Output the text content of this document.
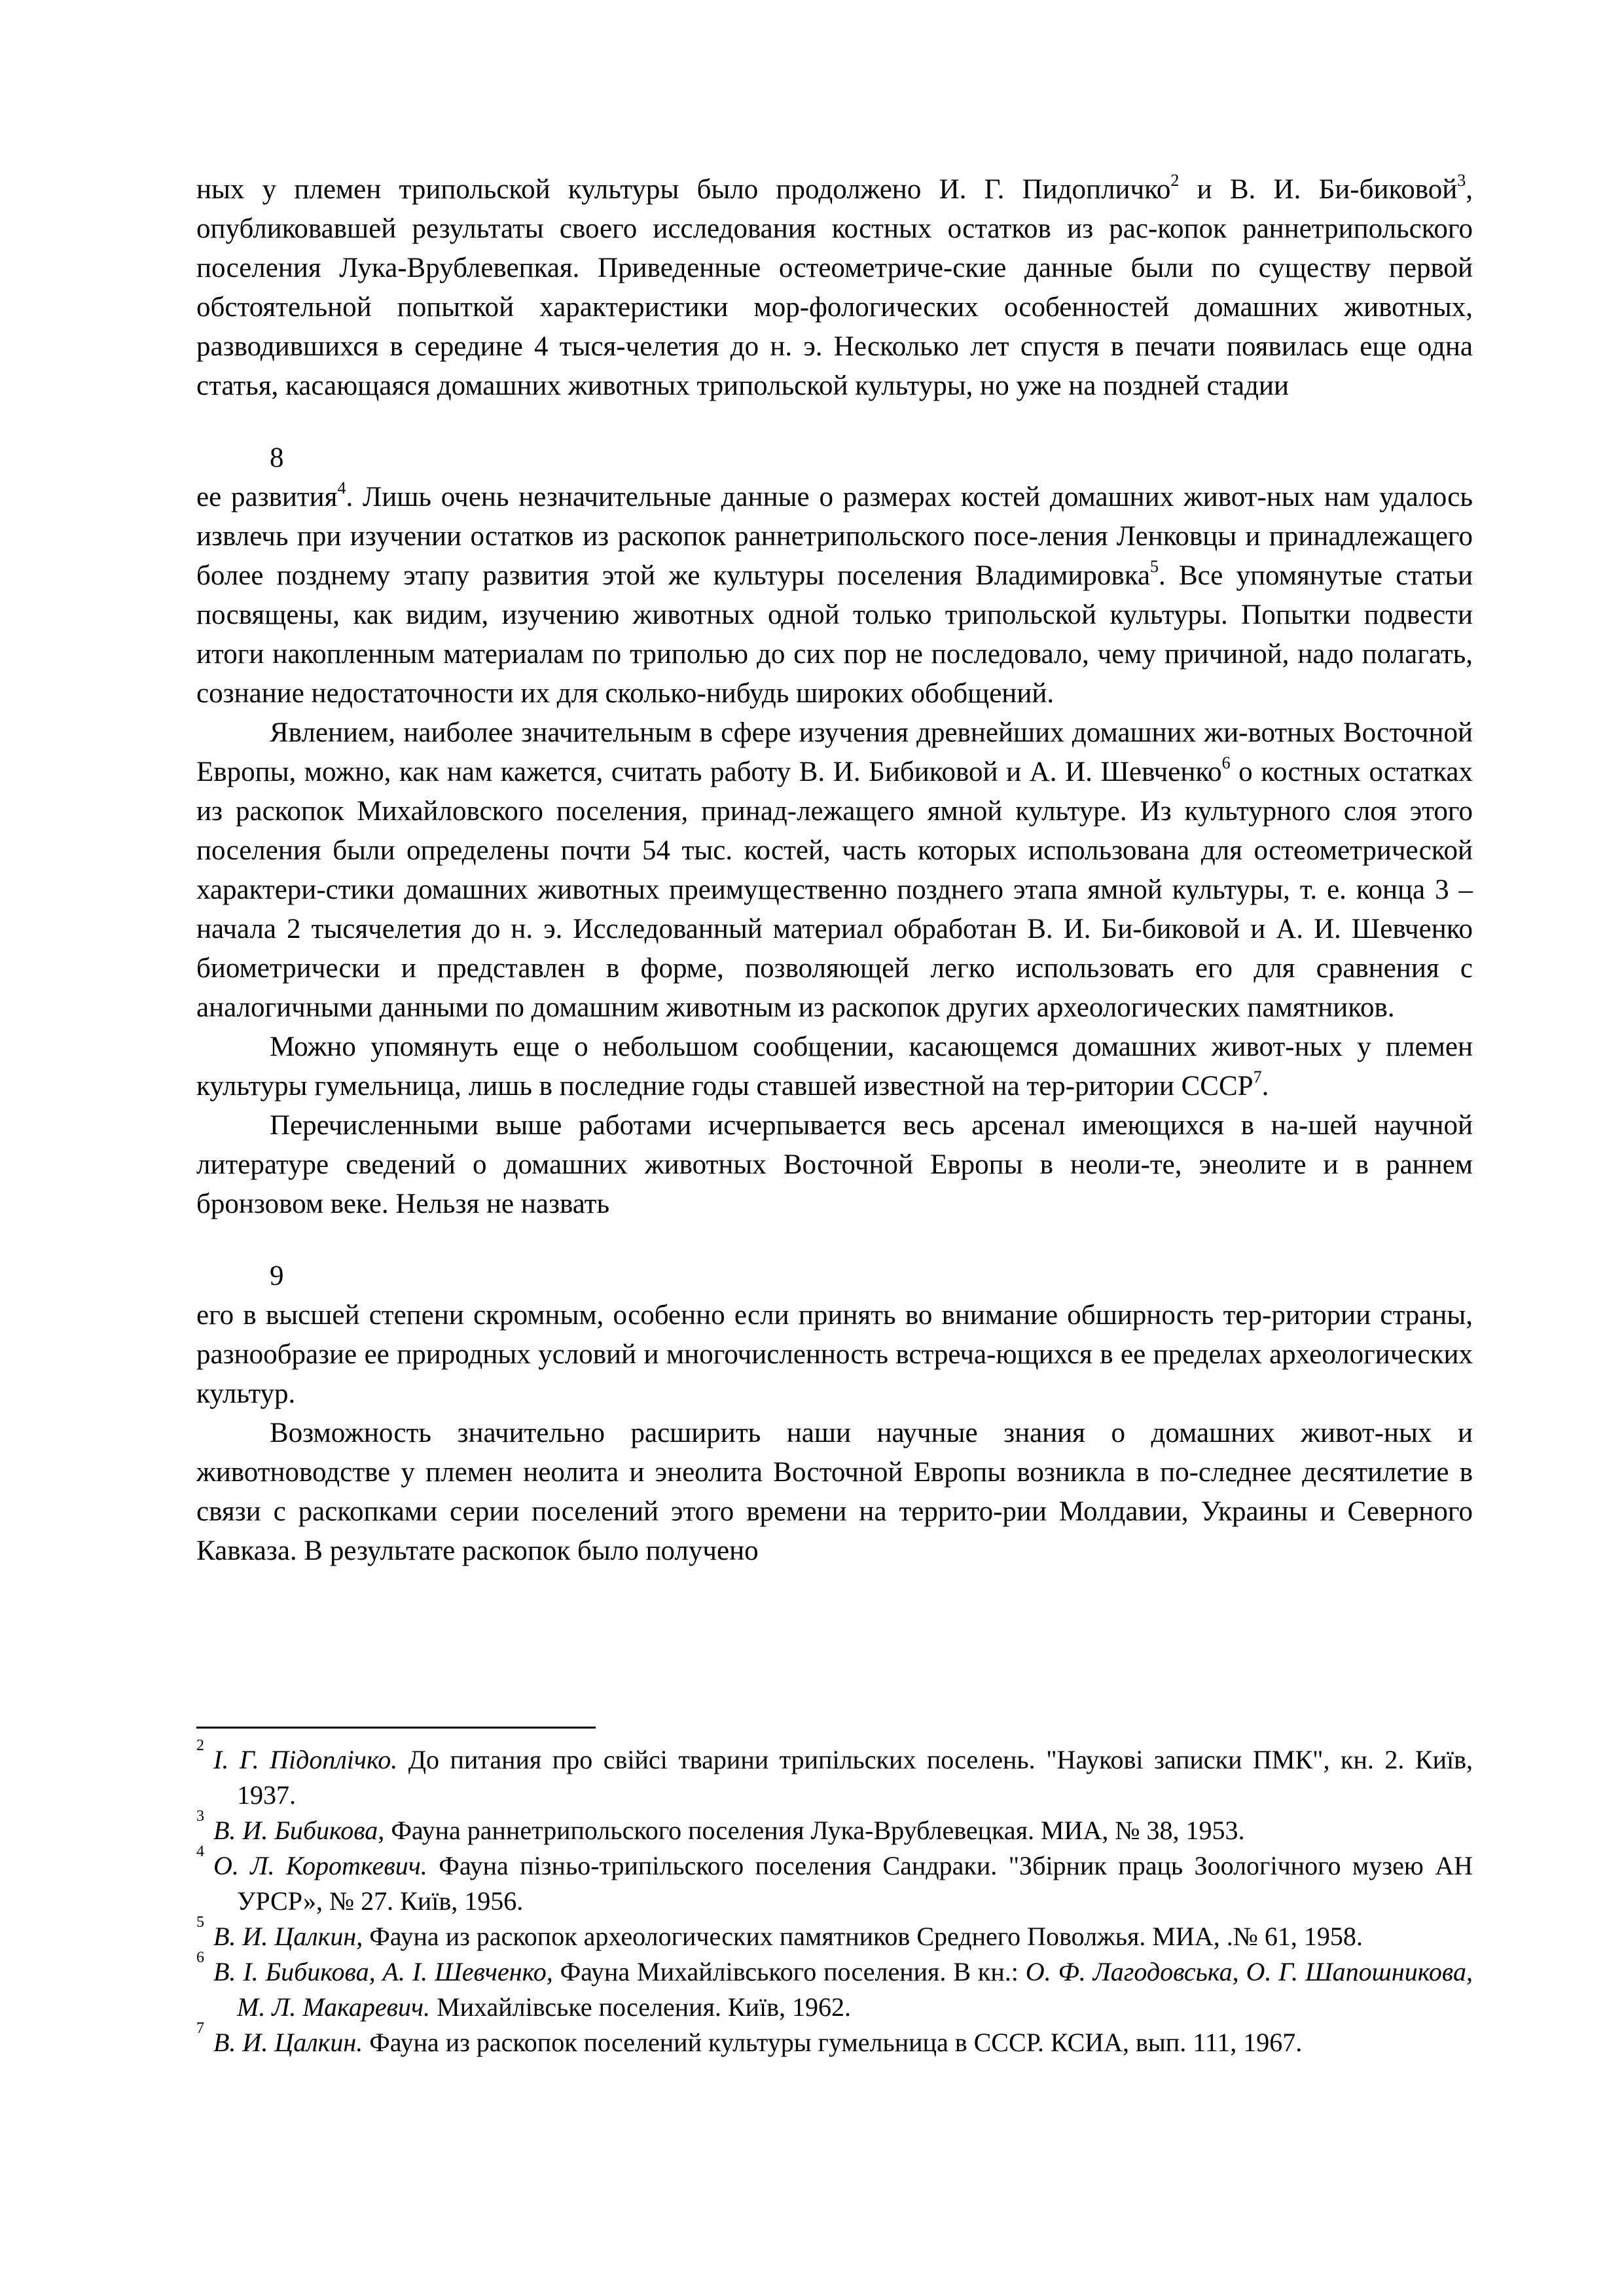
ных у племен трипольской культуры было продолжено И. Г. Пидопличко$^2$ и В. И. Би-биковой$^3$, опубликовавшей результаты своего исследования костных остатков из рас-копок раннетрипольского поселения Лука-Врублевепкая. Приведенные остеометриче-ские данные были по существу первой обстоятельной попыткой характеристики мор-фологических особенностей домашних животных, разводившихся в середине 4 тыся-челетия до н. э. Несколько лет спустя в печати появилась еще одна статья, касающаяся домашних животных трипольской культуры, но уже на поздней стадии

8

ее развития$^4$. Лишь очень незначительные данные о размерах костей домашних живот-ных нам удалось извлечь при изучении остатков из раскопок раннетрипольского посе-ления Ленковцы и принадлежащего более позднему этапу развития этой же культуры поселения Владимировка$^5$. Все упомянутые статьи посвящены, как видим, изучению животных одной только трипольской культуры. Попытки подвести итоги накопленным материалам по триполью до сих пор не последовало, чему причиной, надо полагать, сознание недостаточности их для сколько-нибудь широких обобщений.

Явлением, наиболее значительным в сфере изучения древнейших домашних жи-вотных Восточной Европы, можно, как нам кажется, считать работу В. И. Бибиковой и А. И. Шевченко$^6$ о костных остатках из раскопок Михайловского поселения, принад-лежащего ямной культуре. Из культурного слоя этого поселения были определены почти 54 тыс. костей, часть которых использована для остеометрической характери-стики домашних животных преимущественно позднего этапа ямной культуры, т. е. конца 3 – начала 2 тысячелетия до н. э. Исследованный материал обработан В. И. Би-биковой и А. И. Шевченко биометрически и представлен в форме, позволяющей легко использовать его для сравнения с аналогичными данными по домашним животным из раскопок других археологических памятников.

Можно упомянуть еще о небольшом сообщении, касающемся домашних живот-ных у племен культуры гумельница, лишь в последние годы ставшей известной на тер-ритории СССР$^7$.

Перечисленными выше работами исчерпывается весь арсенал имеющихся в на-шей научной литературе сведений о домашних животных Восточной Европы в неоли-те, энеолите и в раннем бронзовом веке. Нельзя не назвать

9

его в высшей степени скромным, особенно если принять во внимание обширность тер-ритории страны, разнообразие ее природных условий и многочисленность встреча-ющихся в ее пределах археологических культур.

Возможность значительно расширить наши научные знания о домашних живот-ных и животноводстве у племен неолита и энеолита Восточной Европы возникла в по-следнее десятилетие в связи с раскопками серии поселений этого времени на террито-рии Молдавии, Украины и Северного Кавказа. В результате раскопок было получено

$^2$ І. Г. Підоплічко. До питания про свійсі тварини трипільских поселень. "Наукові записки ПМК", кн. 2. Київ, 1937.

$^3$ В. И. Бибикова, Фауна раннетрипольского поселения Лука-Врублевецкая. МИА, № 38, 1953.

$^4$ О. Л. Короткевич. Фауна пізньо-трипільского поселения Сандраки. "Збірник праць Зоологічного музею АН УРСР», № 27. Київ, 1956.

$^5$ В. И. Цалкин, Фауна из раскопок археологических памятников Среднего Поволжья. МИА, .№ 61, 1958.

$^6$ В. І. Бибикова, А. І. Шевченко, Фауна Михайлівського поселения. В кн.: О. Ф. Лагодовська, О. Г. Шапошникова, М. Л. Макаревич. Михайлівське поселения. Київ, 1962.

$^7$ В. И. Цалкин. Фауна из раскопок поселений культуры гумельница в СССР. КСИА, вып. 111, 1967.
